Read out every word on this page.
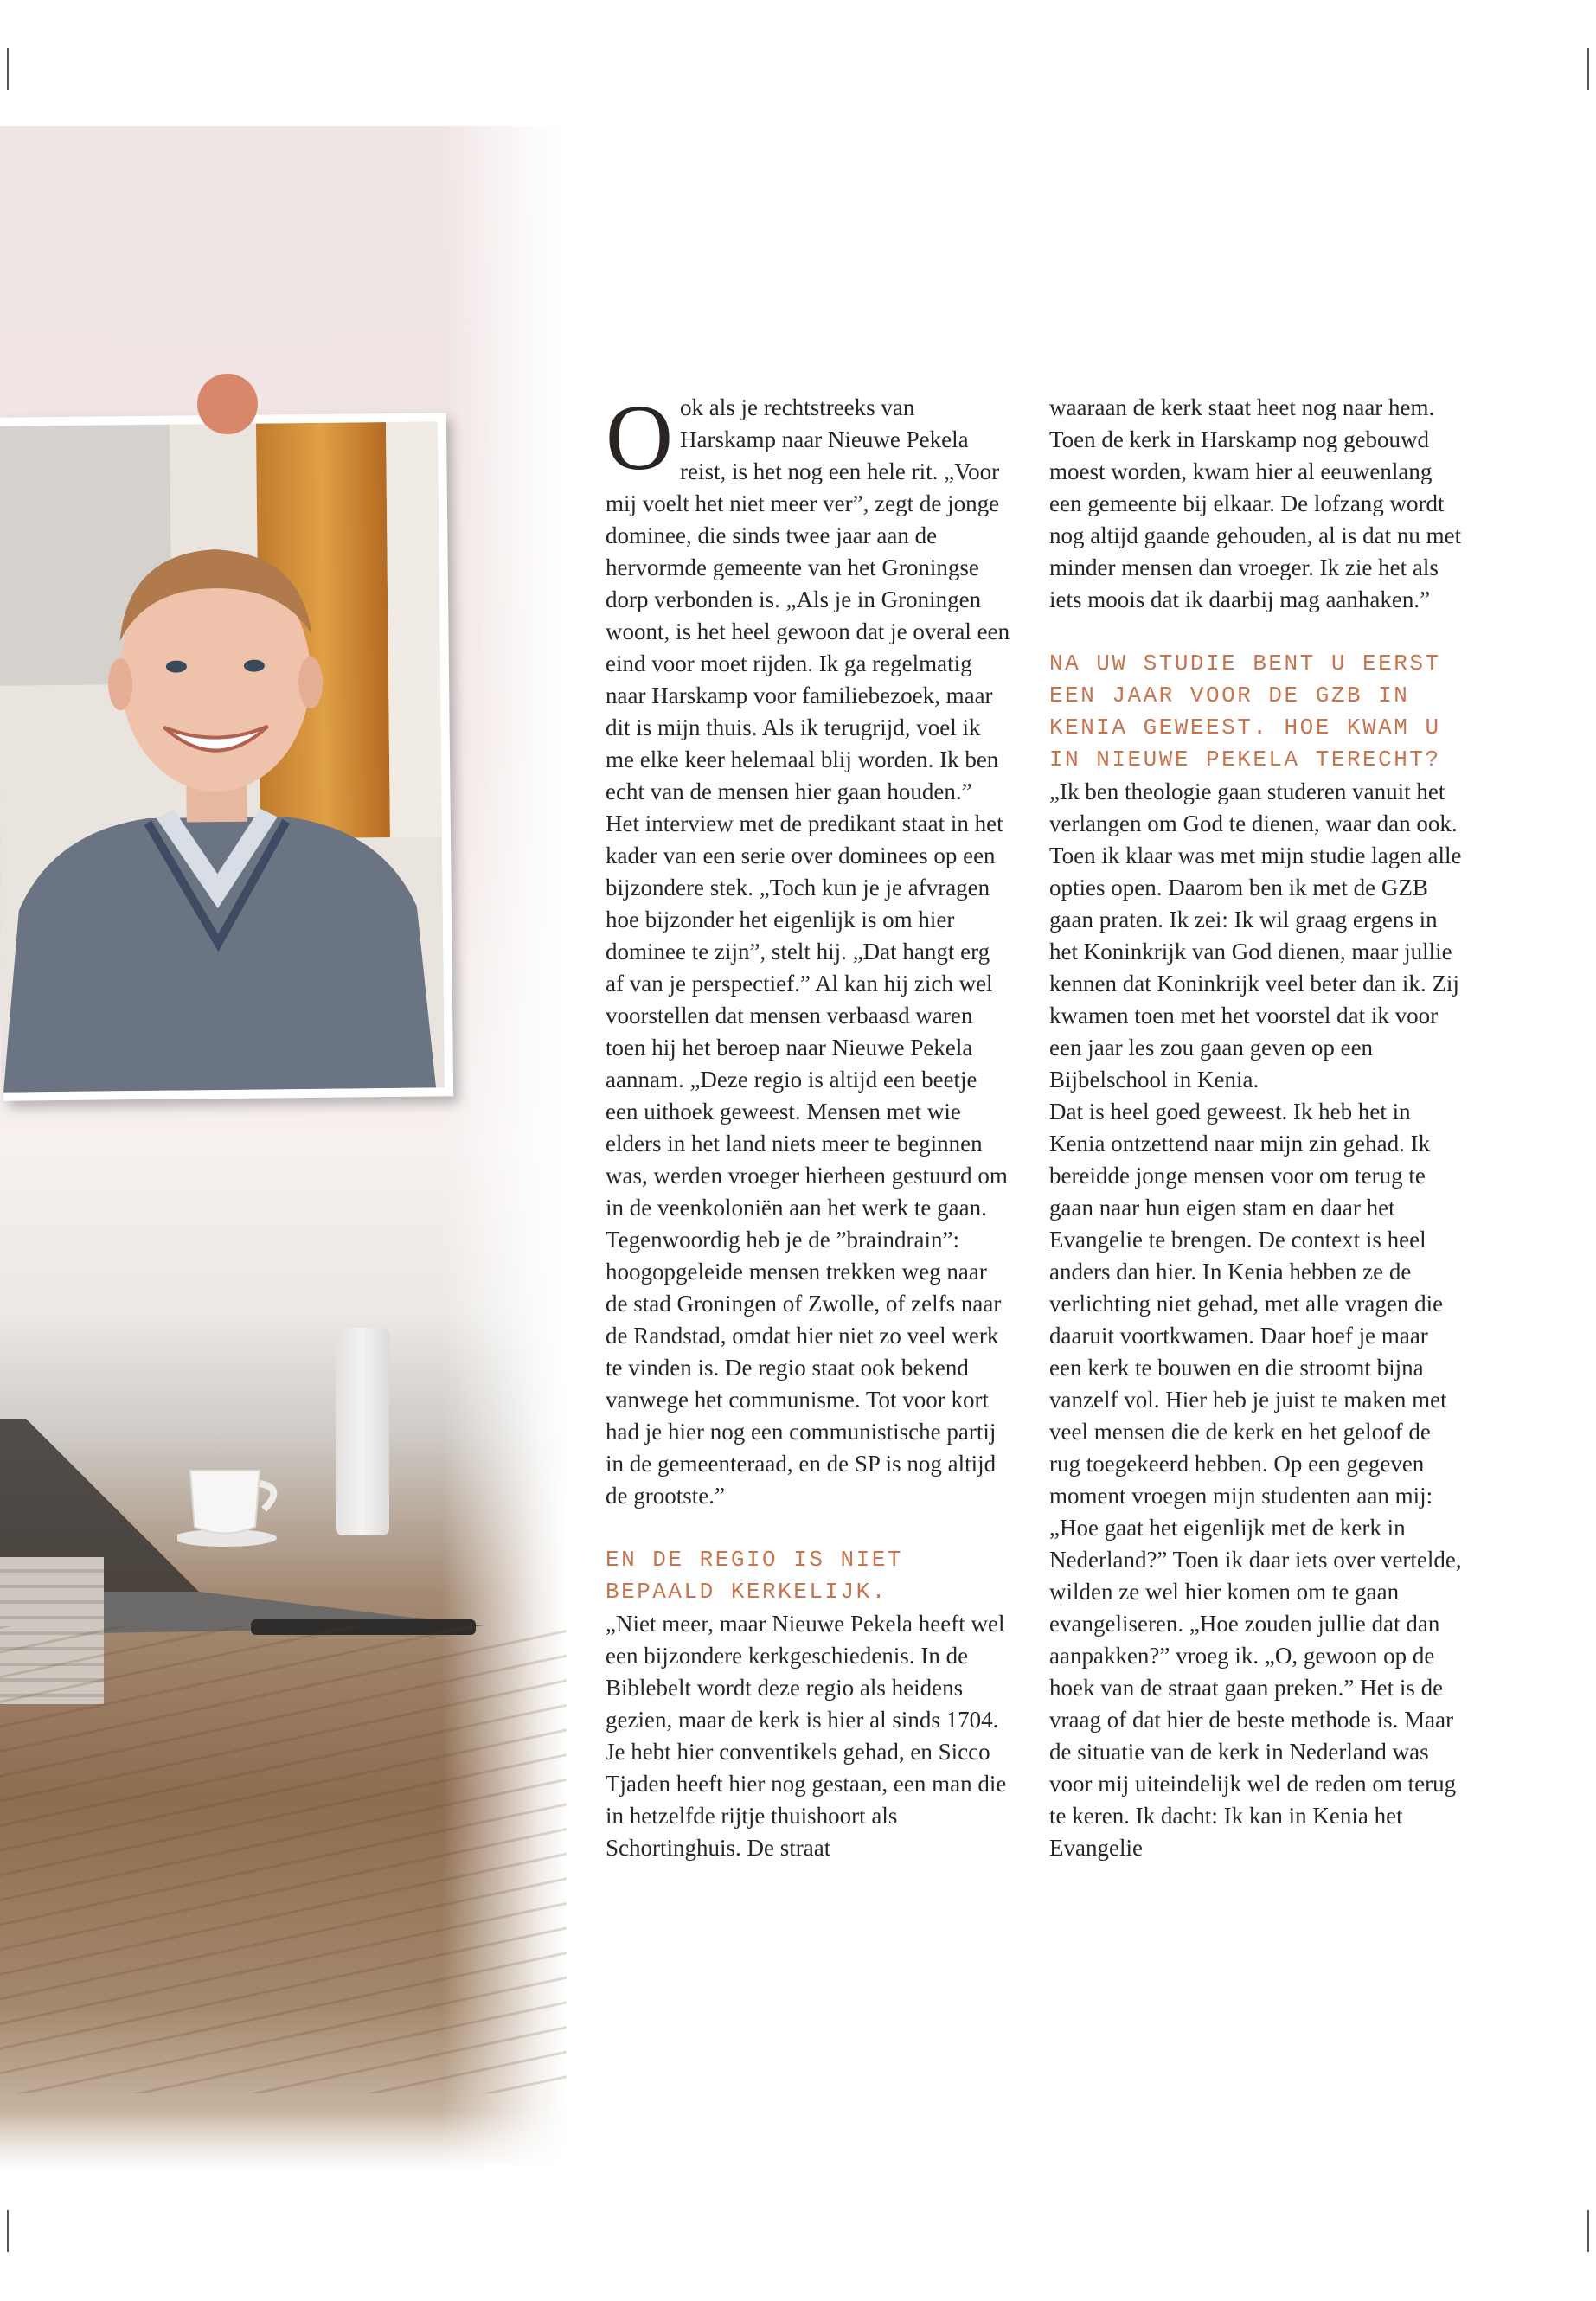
Ook als je rechtstreeks van Harskamp naar Nieuwe Pekela reist, is het nog een hele rit. „Voor mij voelt het niet meer ver”, zegt de jonge dominee, die sinds twee jaar aan de hervormde gemeente van het Groningse dorp verbonden is. „Als je in Groningen woont, is het heel gewoon dat je overal een eind voor moet rijden. Ik ga regelmatig naar Harskamp voor familiebezoek, maar dit is mijn thuis. Als ik terugrijd, voel ik me elke keer helemaal blij worden. Ik ben echt van de mensen hier gaan houden.”

Het interview met de predikant staat in het kader van een serie over dominees op een bijzondere stek. „Toch kun je je afvragen hoe bijzonder het eigenlijk is om hier dominee te zijn”, stelt hij. „Dat hangt erg af van je perspectief.” Al kan hij zich wel voorstellen dat mensen verbaasd waren toen hij het beroep naar Nieuwe Pekela aannam. „Deze regio is altijd een beetje een uithoek geweest. Mensen met wie elders in het land niets meer te beginnen was, werden vroeger hierheen gestuurd om in de veenkoloniën aan het werk te gaan. Tegenwoordig heb je de ”braindrain”: hoogopgeleide mensen trekken weg naar de stad Groningen of Zwolle, of zelfs naar de Randstad, omdat hier niet zo veel werk te vinden is. De regio staat ook bekend vanwege het communisme. Tot voor kort had je hier nog een communistische partij in de gemeenteraad, en de SP is nog altijd de grootste.”

EN DE REGIO IS NIET BEPAALD KERKELIJK.

„Niet meer, maar Nieuwe Pekela heeft wel een bijzondere kerkgeschiedenis. In de Biblebelt wordt deze regio als heidens gezien, maar de kerk is hier al sinds 1704. Je hebt hier conventikels gehad, en Sicco Tjaden heeft hier nog gestaan, een man die in hetzelfde rijtje thuishoort als Schortinghuis. De straat

waaraan de kerk staat heet nog naar hem. Toen de kerk in Harskamp nog gebouwd moest worden, kwam hier al eeuwenlang een gemeente bij elkaar. De lofzang wordt nog altijd gaande gehouden, al is dat nu met minder mensen dan vroeger. Ik zie het als iets moois dat ik daarbij mag aanhaken.”

NA UW STUDIE BENT U EERST EEN JAAR VOOR DE GZB IN KENIA GEWEEST. HOE KWAM U IN NIEUWE PEKELA TERECHT?

„Ik ben theologie gaan studeren vanuit het verlangen om God te dienen, waar dan ook. Toen ik klaar was met mijn studie lagen alle opties open. Daarom ben ik met de GZB gaan praten. Ik zei: Ik wil graag ergens in het Koninkrijk van God dienen, maar jullie kennen dat Koninkrijk veel beter dan ik. Zij kwamen toen met het voorstel dat ik voor een jaar les zou gaan geven op een Bijbelschool in Kenia.

Dat is heel goed geweest. Ik heb het in Kenia ontzettend naar mijn zin gehad. Ik bereidde jonge mensen voor om terug te gaan naar hun eigen stam en daar het Evangelie te brengen. De context is heel anders dan hier. In Kenia hebben ze de verlichting niet gehad, met alle vragen die daaruit voortkwamen. Daar hoef je maar een kerk te bouwen en die stroomt bijna vanzelf vol. Hier heb je juist te maken met veel mensen die de kerk en het geloof de rug toegekeerd hebben. Op een gegeven moment vroegen mijn studenten aan mij: „Hoe gaat het eigenlijk met de kerk in Nederland?” Toen ik daar iets over vertelde, wilden ze wel hier komen om te gaan evangeliseren. „Hoe zouden jullie dat dan aanpakken?” vroeg ik. „O, gewoon op de hoek van de straat gaan preken.” Het is de vraag of dat hier de beste methode is. Maar de situatie van de kerk in Nederland was voor mij uiteindelijk wel de reden om terug te keren. Ik dacht: Ik kan in Kenia het Evangelie
